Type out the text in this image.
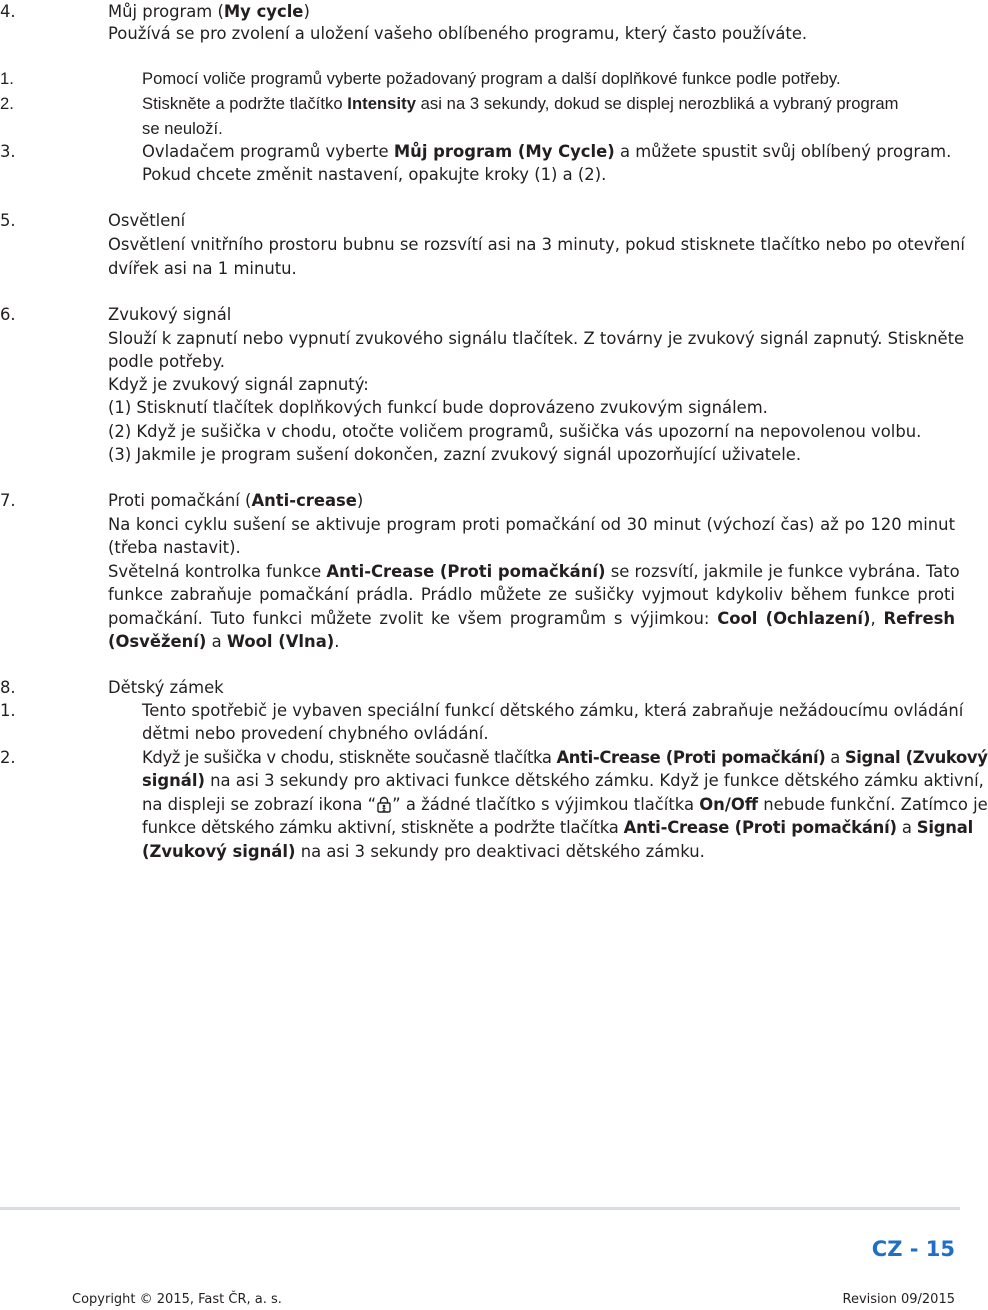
4.	Můj program (My cycle)
Používá se pro zvolení a uložení vašeho oblíbeného programu, který často používáte.
1.	Pomocí voliče programů vyberte požadovaný program a další doplňkové funkce podle potřeby.
2.	Stiskněte a podržte tlačítko Intensity asi na 3 sekundy, dokud se displej nerozbliká a vybraný program
se neuloží.
3.	Ovladačem programů vyberte Můj program (My Cycle) a můžete spustit svůj oblíbený program.
Pokud chcete změnit nastavení, opakujte kroky (1) a (2).
5.	Osvětlení
Osvětlení vnitřního prostoru bubnu se rozsvítí asi na 3 minuty, pokud stisknete tlačítko nebo po otevření
dvířek asi na 1 minutu.
6.	Zvukový signál
Slouží k zapnutí nebo vypnutí zvukového signálu tlačítek. Z továrny je zvukový signál zapnutý. Stiskněte
podle potřeby.
Když je zvukový signál zapnutý:
(1) Stisknutí tlačítek doplňkových funkcí bude doprovázeno zvukovým signálem.
(2) Když je sušička v chodu, otočte voličem programů, sušička vás upozorní na nepovolenou volbu.
(3) Jakmile je program sušení dokončen, zazní zvukový signál upozorňující uživatele.
7.	Proti pomačkání (Anti-crease)
Na konci cyklu sušení se aktivuje program proti pomačkání od 30 minut (výchozí čas) až po 120 minut
(třeba nastavit).
Světelná kontrolka funkce Anti-Crease (Proti pomačkání) se rozsvítí, jakmile je funkce vybrána. Tato
funkce zabraňuje pomačkání prádla. Prádlo můžete ze sušičky vyjmout kdykoliv během funkce proti
pomačkání. Tuto funkci můžete zvolit ke všem programům s výjimkou: Cool (Ochlazení), Refresh
(Osvěžení) a Wool (Vlna).
8.	Dětský zámek
1.	Tento spotřebič je vybaven speciální funkcí dětského zámku, která zabraňuje nežádoucímu ovládání
dětmi nebo provedení chybného ovládání.
2.	Když je sušička v chodu, stiskněte současně tlačítka Anti-Crease (Proti pomačkání) a Signal (Zvukový
signál) na asi 3 sekundy pro aktivaci funkce dětského zámku. Když je funkce dětského zámku aktivní,
na displeji se zobrazí ikona “ ” a žádné tlačítko s výjimkou tlačítka On/Off nebude funkční. Zatímco je
funkce dětského zámku aktivní, stiskněte a podržte tlačítka Anti-Crease (Proti pomačkání) a Signal
(Zvukový signál) na asi 3 sekundy pro deaktivaci dětského zámku.
CZ - 15
Copyright © 2015, Fast ČR, a. s.	Revision 09/2015
